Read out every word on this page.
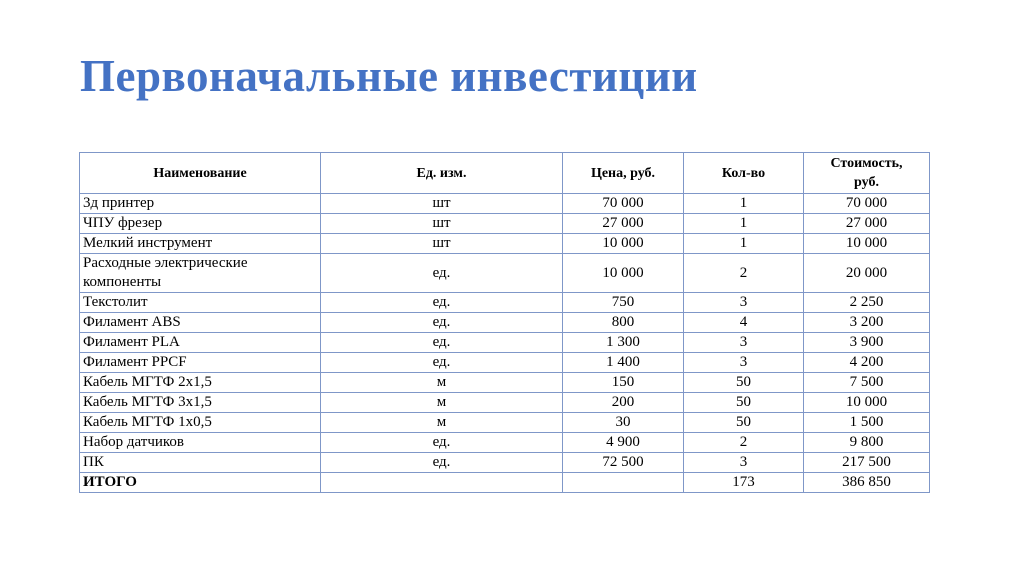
Первоначальные инвестиции
Наименование	Ед. изм.	Цена, руб.	Кол-во	Стоимость, руб.
3д принтер	шт	70 000	1	70 000
ЧПУ фрезер	шт	27 000	1	27 000
Мелкий инструмент	шт	10 000	1	10 000
Расходные электрические компоненты	ед.	10 000	2	20 000
Текстолит	ед.	750	3	2 250
Филамент ABS	ед.	800	4	3 200
Филамент PLA	ед.	1 300	3	3 900
Филамент PPCF	ед.	1 400	3	4 200
Кабель МГТФ 2х1,5	м	150	50	7 500
Кабель МГТФ 3х1,5	м	200	50	10 000
Кабель МГТФ 1х0,5	м	30	50	1 500
Набор датчиков	ед.	4 900	2	9 800
ПК	ед.	72 500	3	217 500
ИТОГО			173	386 850
